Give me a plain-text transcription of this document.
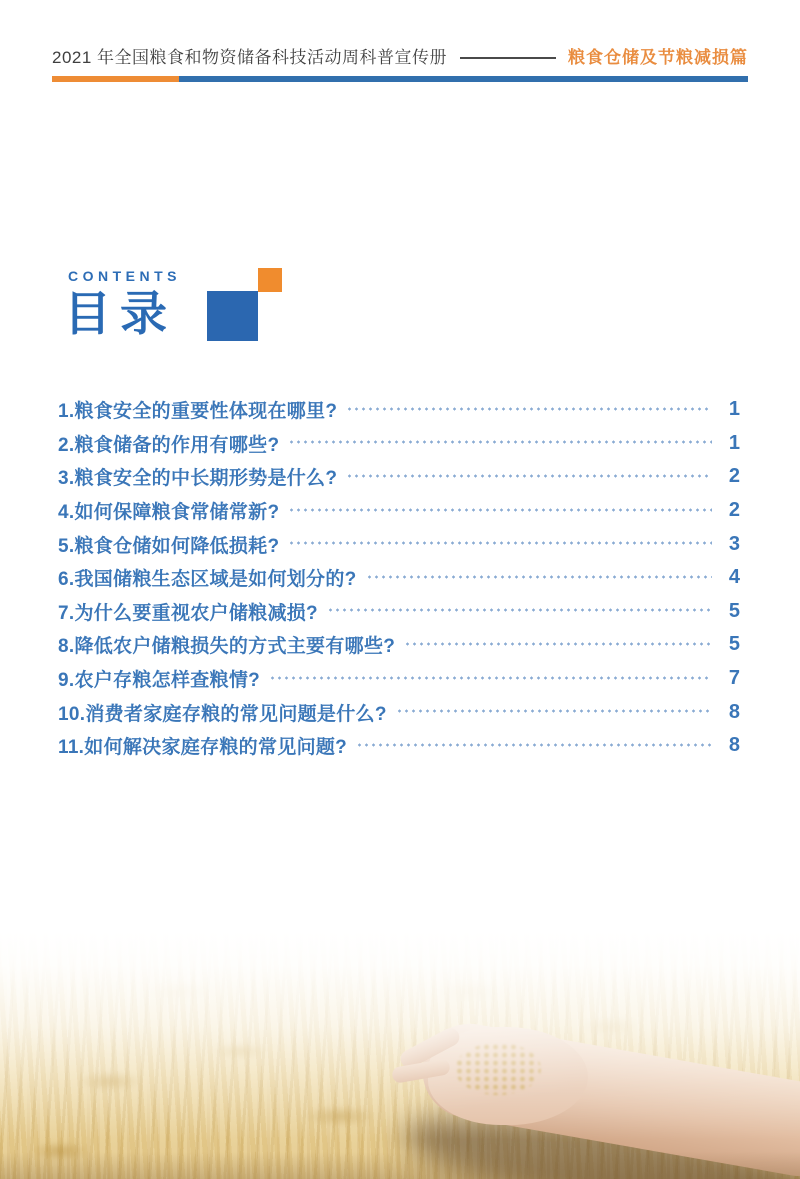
2021 年全国粮食和物资储备科技活动周科普宣传册	粮食仓储及节粮减损篇
CONTENTS
目录
1.粮食安全的重要性体现在哪里?	1
2.粮食储备的作用有哪些?	1
3.粮食安全的中长期形势是什么?	2
4.如何保障粮食常储常新?	2
5.粮食仓储如何降低损耗?	3
6.我国储粮生态区域是如何划分的?	4
7.为什么要重视农户储粮减损?	5
8.降低农户储粮损失的方式主要有哪些?	5
9.农户存粮怎样查粮情?	7
10.消费者家庭存粮的常见问题是什么?	8
11.如何解决家庭存粮的常见问题?	8
